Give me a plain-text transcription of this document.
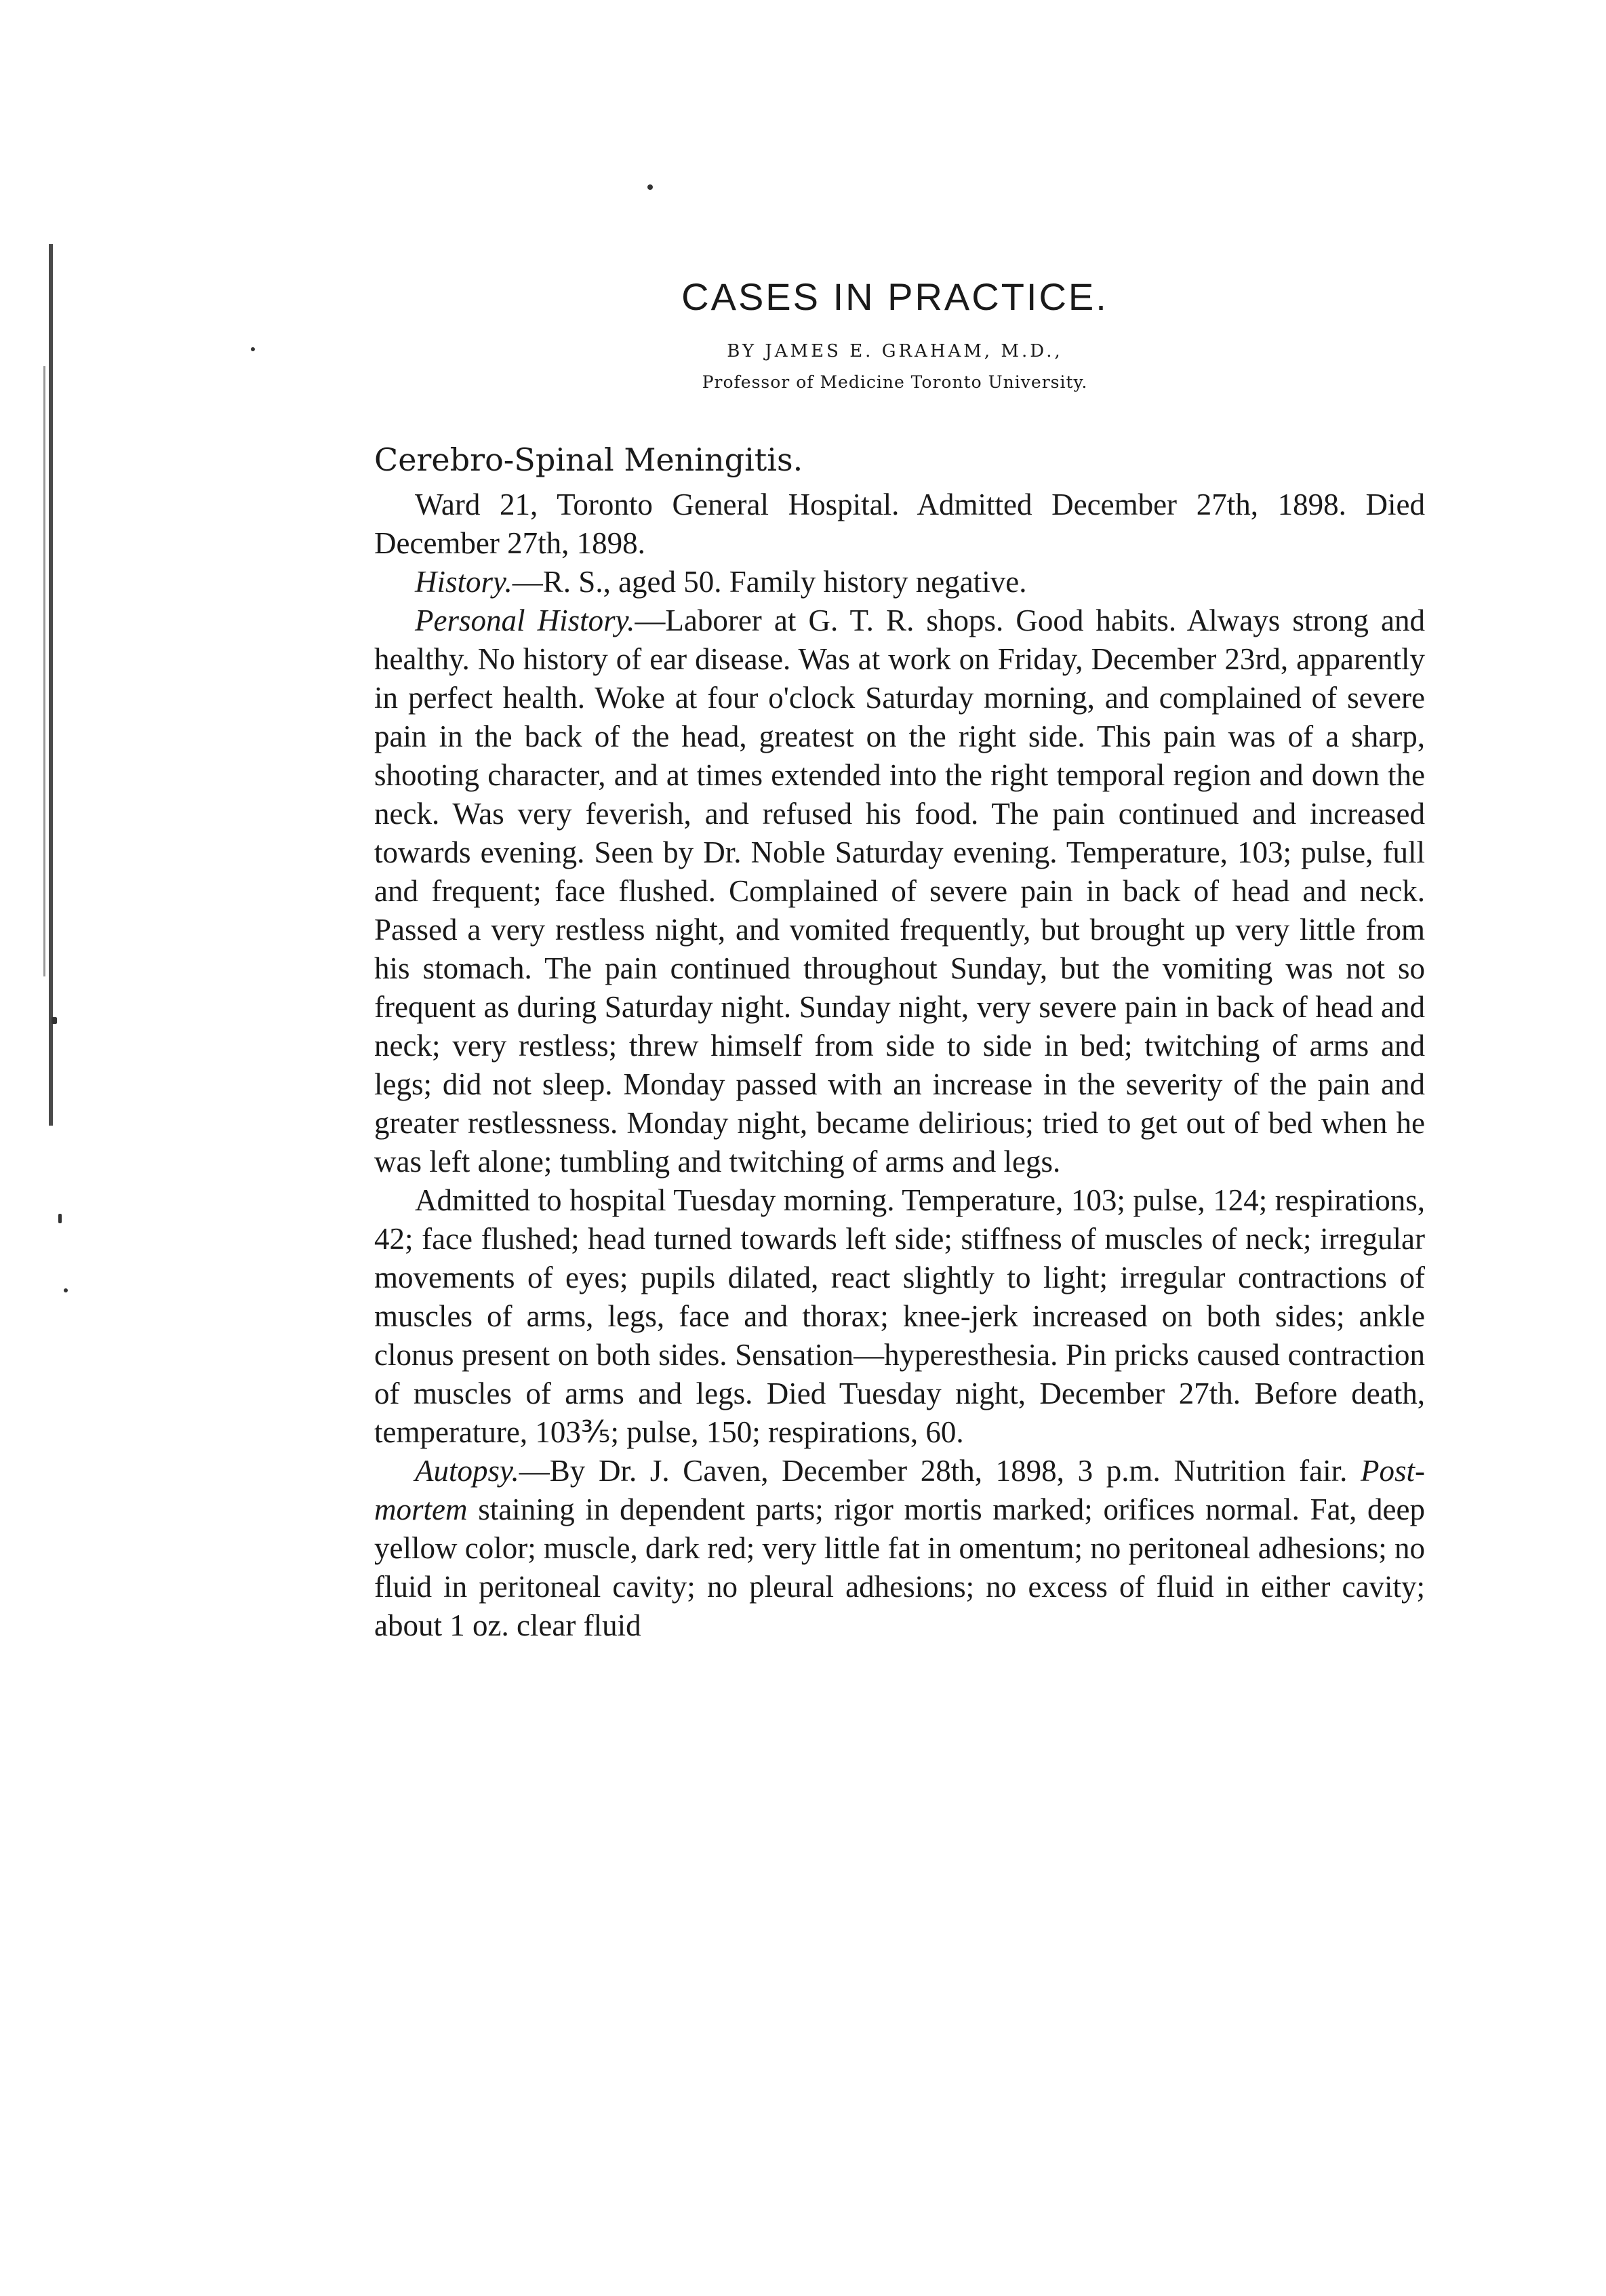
CASES IN PRACTICE.
BY JAMES E. GRAHAM, M.D.,
Professor of Medicine Toronto University.
Cerebro-Spinal Meningitis.

Ward 21, Toronto General Hospital. Admitted December 27th, 1898. Died December 27th, 1898.

History.—R. S., aged 50. Family history negative.

Personal History.—Laborer at G. T. R. shops. Good habits. Always strong and healthy. No history of ear disease. Was at work on Friday, December 23rd, apparently in perfect health. Woke at four o'clock Saturday morning, and complained of severe pain in the back of the head, greatest on the right side. This pain was of a sharp, shooting character, and at times extended into the right temporal region and down the neck. Was very feverish, and refused his food. The pain continued and increased towards evening. Seen by Dr. Noble Saturday evening. Temperature, 103; pulse, full and frequent; face flushed. Complained of severe pain in back of head and neck. Passed a very restless night, and vomited frequently, but brought up very little from his stomach. The pain continued throughout Sunday, but the vomiting was not so frequent as during Saturday night. Sunday night, very severe pain in back of head and neck; very restless; threw himself from side to side in bed; twitching of arms and legs; did not sleep. Monday passed with an increase in the severity of the pain and greater restlessness. Monday night, became delirious; tried to get out of bed when he was left alone; tumbling and twitching of arms and legs.

Admitted to hospital Tuesday morning. Temperature, 103; pulse, 124; respirations, 42; face flushed; head turned towards left side; stiffness of muscles of neck; irregular movements of eyes; pupils dilated, react slightly to light; irregular contractions of muscles of arms, legs, face and thorax; knee-jerk increased on both sides; ankle clonus present on both sides. Sensation—hyperesthesia. Pin pricks caused contraction of muscles of arms and legs. Died Tuesday night, December 27th. Before death, temperature, 103⅗; pulse, 150; respirations, 60.

Autopsy.—By Dr. J. Caven, December 28th, 1898, 3 p.m. Nutrition fair. Post-mortem staining in dependent parts; rigor mortis marked; orifices normal. Fat, deep yellow color; muscle, dark red; very little fat in omentum; no peritoneal adhesions; no fluid in peritoneal cavity; no pleural adhesions; no excess of fluid in either cavity; about 1 oz. clear fluid
